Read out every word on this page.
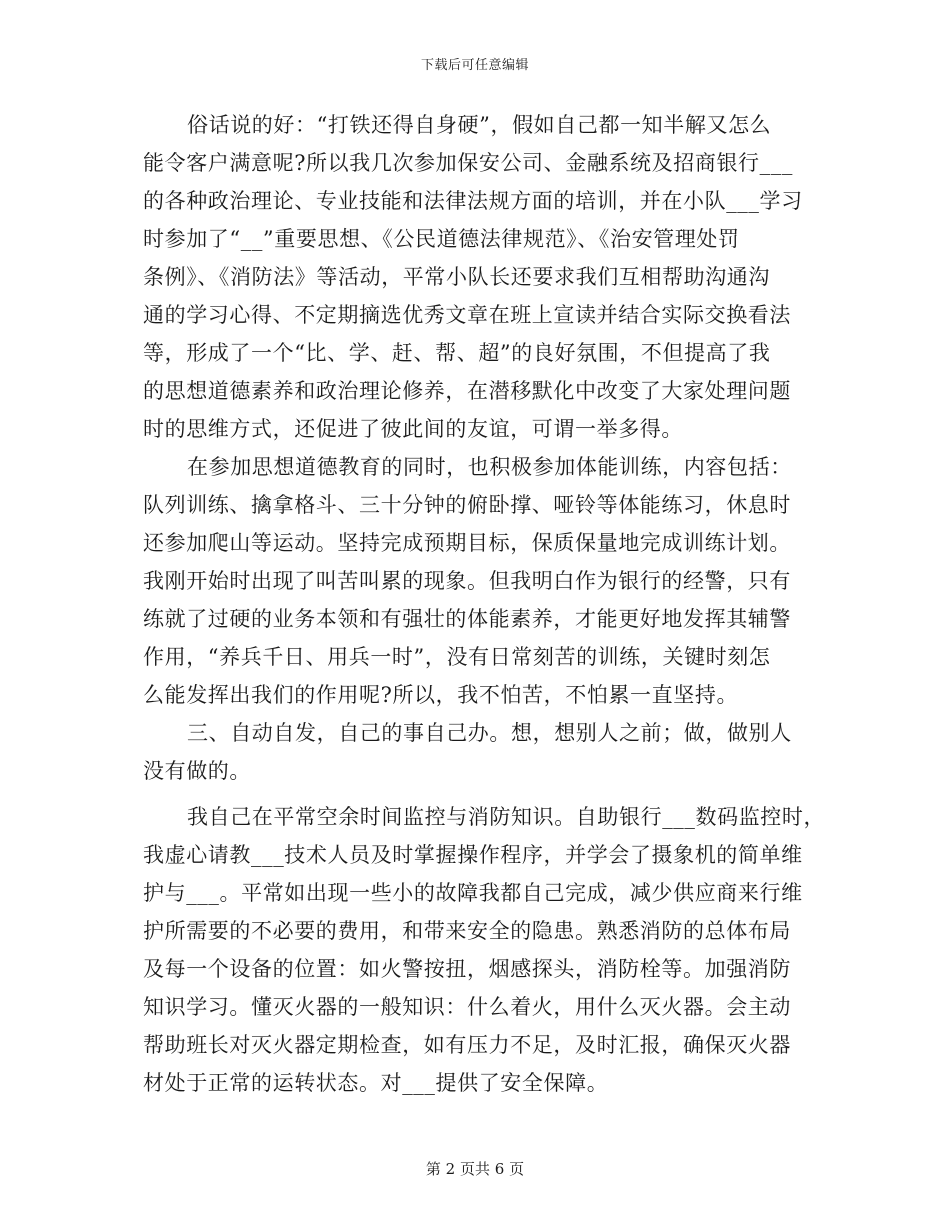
下载后可任意编辑
俗话说的好：“打铁还得自身硬”，假如自己都一知半解又怎么
能令客户满意呢?所以我几次参加保安公司、金融系统及招商银行___
的各种政治理论、专业技能和法律法规方面的培训，并在小队___学习
时参加了“__”重要思想、《公民道德法律规范》、《治安管理处罚
条例》、《消防法》等活动，平常小队长还要求我们互相帮助沟通沟
通的学习心得、不定期摘选优秀文章在班上宣读并结合实际交换看法
等，形成了一个“比、学、赶、帮、超”的良好氛围，不但提高了我
的思想道德素养和政治理论修养，在潜移默化中改变了大家处理问题
时的思维方式，还促进了彼此间的友谊，可谓一举多得。
在参加思想道德教育的同时，也积极参加体能训练，内容包括：
队列训练、擒拿格斗、三十分钟的俯卧撑、哑铃等体能练习，休息时
还参加爬山等运动。坚持完成预期目标，保质保量地完成训练计划。
我刚开始时出现了叫苦叫累的现象。但我明白作为银行的经警，只有
练就了过硬的业务本领和有强壮的体能素养，才能更好地发挥其辅警
作用，“养兵千日、用兵一时”，没有日常刻苦的训练，关键时刻怎
么能发挥出我们的作用呢?所以，我不怕苦，不怕累一直坚持。
三、自动自发，自己的事自己办。想，想别人之前；做，做别人
没有做的。
我自己在平常空余时间监控与消防知识。自助银行___数码监控时，
我虚心请教___技术人员及时掌握操作程序，并学会了摄象机的简单维
护与___。平常如出现一些小的故障我都自己完成，减少供应商来行维
护所需要的不必要的费用，和带来安全的隐患。熟悉消防的总体布局
及每一个设备的位置：如火警按扭，烟感探头，消防栓等。加强消防
知识学习。懂灭火器的一般知识：什么着火，用什么灭火器。会主动
帮助班长对灭火器定期检查，如有压力不足，及时汇报，确保灭火器
材处于正常的运转状态。对___提供了安全保障。
第 2 页共 6 页
